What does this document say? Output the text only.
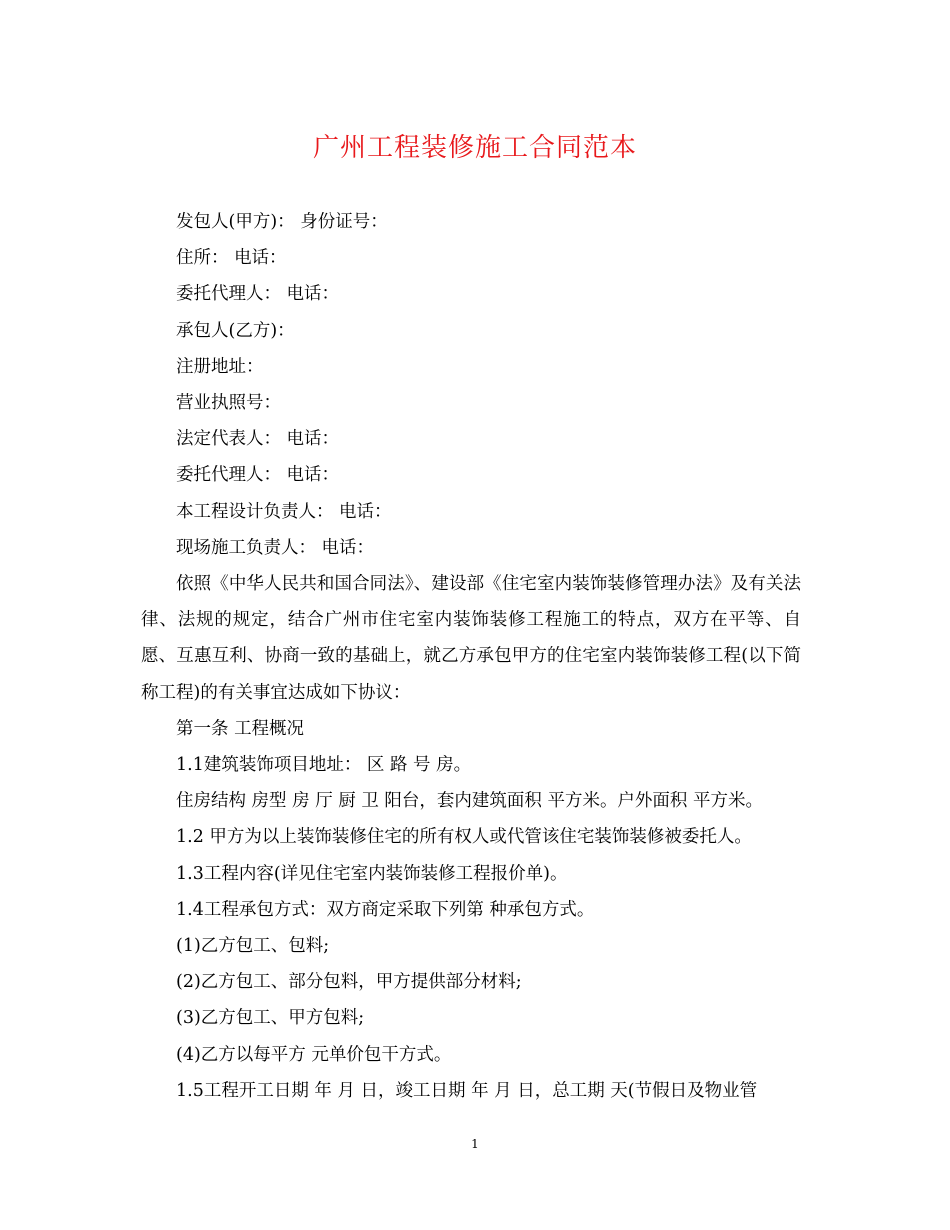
广州工程装修施工合同范本

发包人(甲方)： 身份证号：

住所： 电话：

委托代理人： 电话：

承包人(乙方)：

注册地址：

营业执照号：

法定代表人： 电话：

委托代理人： 电话：

本工程设计负责人： 电话：

现场施工负责人： 电话：

依照《中华人民共和国合同法》、建设部《住宅室内装饰装修管理办法》及有关法律、法规的规定，结合广州市住宅室内装饰装修工程施工的特点，双方在平等、自愿、互惠互利、协商一致的基础上，就乙方承包甲方的住宅室内装饰装修工程(以下简称工程)的有关事宜达成如下协议：

第一条 工程概况

1.1建筑装饰项目地址： 区 路 号 房。

住房结构 房型 房 厅 厨 卫 阳台，套内建筑面积 平方米。户外面积 平方米。

1.2 甲方为以上装饰装修住宅的所有权人或代管该住宅装饰装修被委托人。

1.3工程内容(详见住宅室内装饰装修工程报价单)。

1.4工程承包方式：双方商定采取下列第 种承包方式。

(1)乙方包工、包料;

(2)乙方包工、部分包料，甲方提供部分材料;

(3)乙方包工、甲方包料;

(4)乙方以每平方 元单价包干方式。

1.5工程开工日期 年 月 日，竣工日期 年 月 日，总工期 天(节假日及物业管

1
